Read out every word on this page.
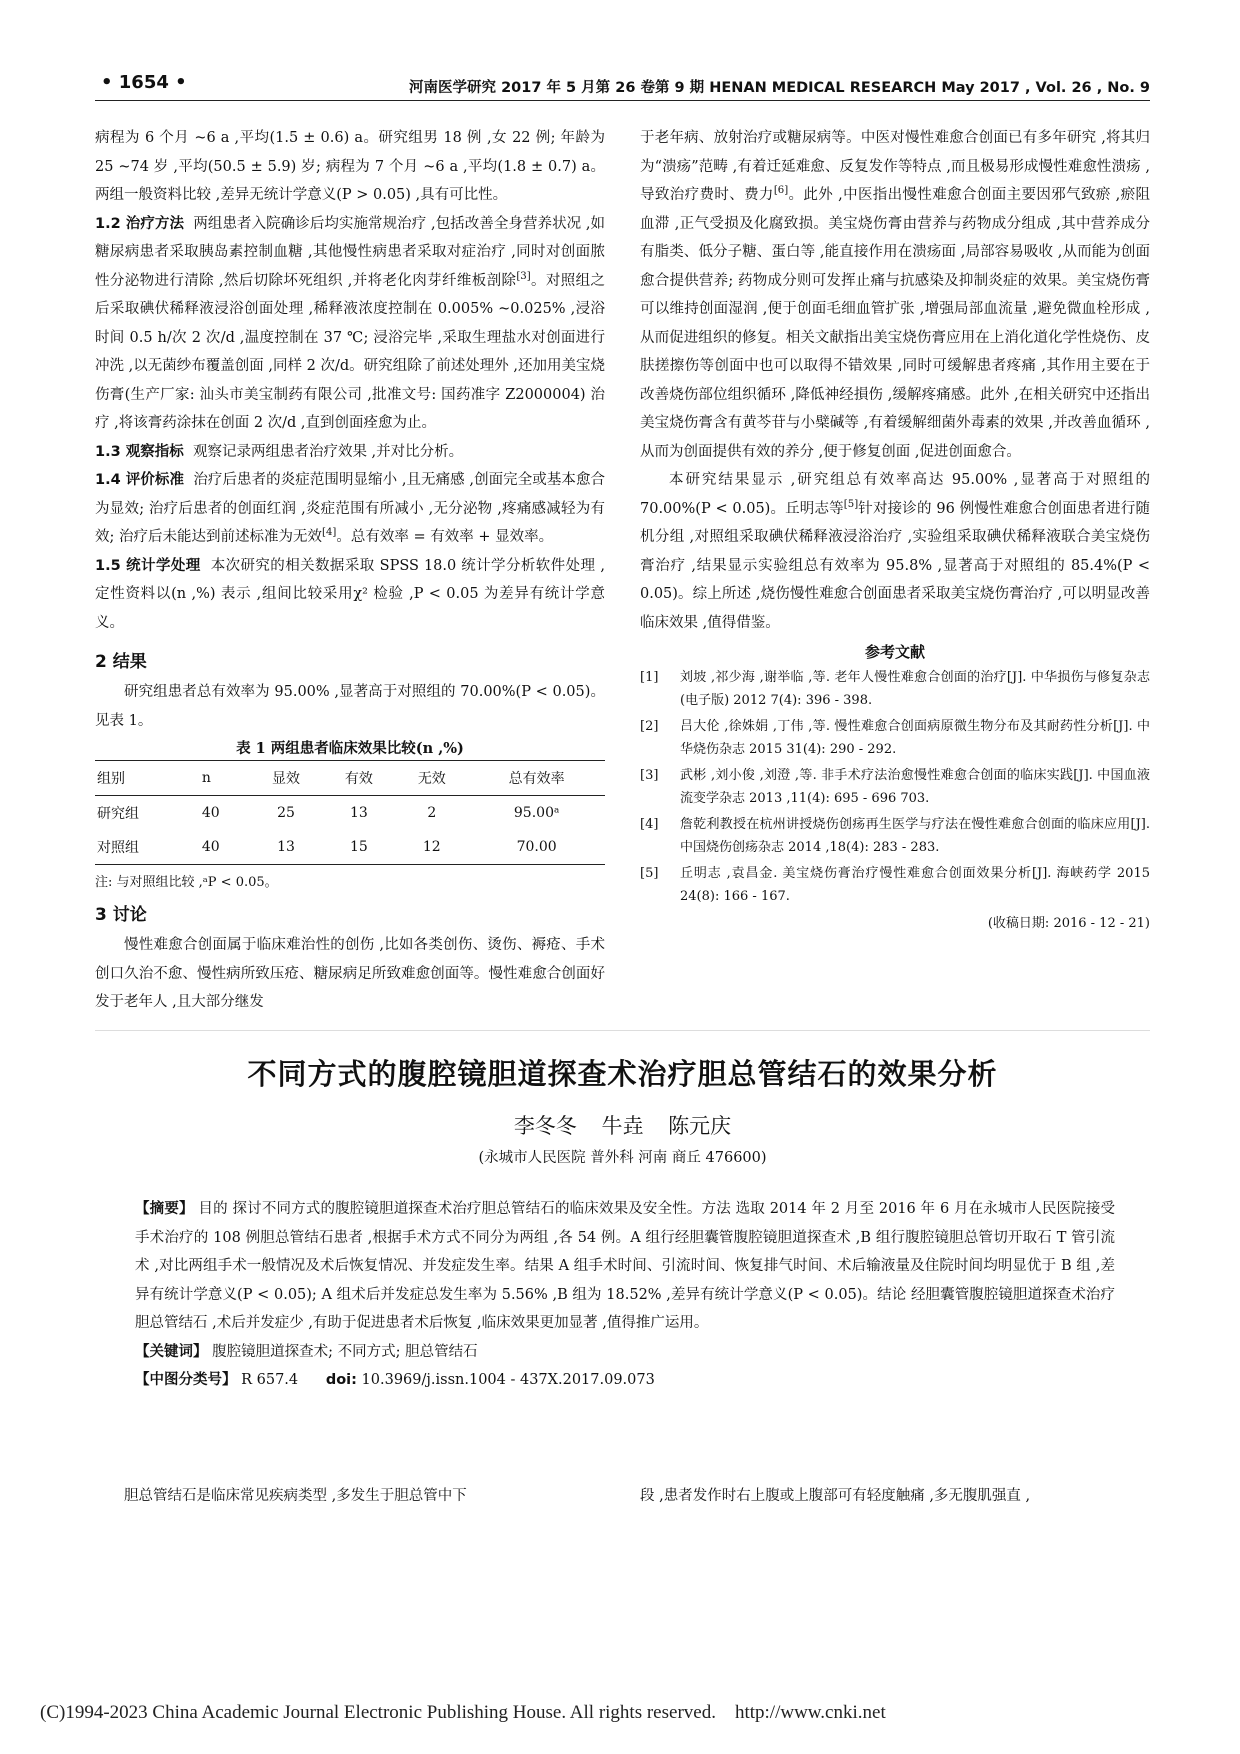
• 1654 •	河南医学研究 2017 年 5 月第 26 卷第 9 期 HENAN MEDICAL RESEARCH May 2017 , Vol. 26 , No. 9

病程为 6 个月 ~6 a ,平均(1.5 ± 0.6) a。研究组男 18 例 ,女 22 例; 年龄为 25 ~74 岁 ,平均(50.5 ± 5.9) 岁; 病程为 7 个月 ~6 a ,平均(1.8 ± 0.7) a。两组一般资料比较 ,差异无统计学意义(P > 0.05) ,具有可比性。

1.2 治疗方法 两组患者入院确诊后均实施常规治疗 ,包括改善全身营养状况 ,如糖尿病患者采取胰岛素控制血糖 ,其他慢性病患者采取对症治疗 ,同时对创面脓性分泌物进行清除 ,然后切除坏死组织 ,并将老化肉芽纤维板剖除[3]。对照组之后采取碘伏稀释液浸浴创面处理 ,稀释液浓度控制在 0.005% ~0.025% ,浸浴时间 0.5 h/次 2 次/d ,温度控制在 37 ℃; 浸浴完毕 ,采取生理盐水对创面进行冲洗 ,以无菌纱布覆盖创面 ,同样 2 次/d。研究组除了前述处理外 ,还加用美宝烧伤膏(生产厂家: 汕头市美宝制药有限公司 ,批准文号: 国药准字 Z2000004) 治疗 ,将该膏药涂抹在创面 2 次/d ,直到创面痊愈为止。

1.3 观察指标 观察记录两组患者治疗效果 ,并对比分析。

1.4 评价标准 治疗后患者的炎症范围明显缩小 ,且无痛感 ,创面完全或基本愈合为显效; 治疗后患者的创面红润 ,炎症范围有所减小 ,无分泌物 ,疼痛感减轻为有效; 治疗后未能达到前述标准为无效[4]。总有效率 = 有效率 + 显效率。

1.5 统计学处理 本次研究的相关数据采取 SPSS 18.0 统计学分析软件处理 ,定性资料以(n ,%) 表示 ,组间比较采用χ² 检验 ,P < 0.05 为差异有统计学意义。

2 结果

研究组患者总有效率为 95.00% ,显著高于对照组的 70.00%(P < 0.05)。见表 1。

表 1 两组患者临床效果比较(n ,%)
组别	n	显效	有效	无效	总有效率
研究组	40	25	13	2	95.00ᵃ
对照组	40	13	15	12	70.00
注: 与对照组比较 ,ᵃP < 0.05。
3 讨论

慢性难愈合创面属于临床难治性的创伤 ,比如各类创伤、烫伤、褥疮、手术创口久治不愈、慢性病所致压疮、糖尿病足所致难愈创面等。慢性难愈合创面好发于老年人 ,且大部分继发

于老年病、放射治疗或糖尿病等。中医对慢性难愈合创面已有多年研究 ,将其归为“溃疡”范畴 ,有着迁延难愈、反复发作等特点 ,而且极易形成慢性难愈性溃疡 ,导致治疗费时、费力[6]。此外 ,中医指出慢性难愈合创面主要因邪气致瘀 ,瘀阻血滞 ,正气受损及化腐致损。美宝烧伤膏由营养与药物成分组成 ,其中营养成分有脂类、低分子糖、蛋白等 ,能直接作用在溃疡面 ,局部容易吸收 ,从而能为创面愈合提供营养; 药物成分则可发挥止痛与抗感染及抑制炎症的效果。美宝烧伤膏可以维持创面湿润 ,便于创面毛细血管扩张 ,增强局部血流量 ,避免微血栓形成 ,从而促进组织的修复。相关文献指出美宝烧伤膏应用在上消化道化学性烧伤、皮肤搓擦伤等创面中也可以取得不错效果 ,同时可缓解患者疼痛 ,其作用主要在于改善烧伤部位组织循环 ,降低神经損伤 ,缓解疼痛感。此外 ,在相关研究中还指出美宝烧伤膏含有黄芩苷与小檗碱等 ,有着缓解细菌外毒素的效果 ,并改善血循环 ,从而为创面提供有效的养分 ,便于修复创面 ,促进创面愈合。

本研究结果显示 ,研究组总有效率高达 95.00% ,显著高于对照组的 70.00%(P < 0.05)。丘明志等[5]针对接诊的 96 例慢性难愈合创面患者进行随机分组 ,对照组采取碘伏稀释液浸浴治疗 ,实验组采取碘伏稀释液联合美宝烧伤膏治疗 ,结果显示实验组总有效率为 95.8% ,显著高于对照组的 85.4%(P < 0.05)。综上所述 ,烧伤慢性难愈合创面患者采取美宝烧伤膏治疗 ,可以明显改善临床效果 ,值得借鉴。

参考文献
[1]	刘坡 ,祁少海 ,谢举临 ,等. 老年人慢性难愈合创面的治疗[J]. 中华损伤与修复杂志(电子版) 2012 7(4): 396 - 398.
[2]	吕大伦 ,徐姝娟 ,丁伟 ,等. 慢性难愈合创面病原微生物分布及其耐药性分析[J]. 中华烧伤杂志 2015 31(4): 290 - 292.
[3]	武彬 ,刘小俊 ,刘澄 ,等. 非手术疗法治愈慢性难愈合创面的临床实践[J]. 中国血液流变学杂志 2013 ,11(4): 695 - 696 703.
[4]	詹乾利教授在杭州讲授烧伤创疡再生医学与疗法在慢性难愈合创面的临床应用[J]. 中国烧伤创疡杂志 2014 ,18(4): 283 - 283.
[5]	丘明志 ,袁昌金. 美宝烧伤膏治疗慢性难愈合创面效果分析[J]. 海峡药学 2015 24(8): 166 - 167.
(收稿日期: 2016 - 12 - 21)
不同方式的腹腔镜胆道探查术治疗胆总管结石的效果分析
李冬冬 牛垚 陈元庆
(永城市人民医院 普外科 河南 商丘 476600)

【摘要】 目的 探讨不同方式的腹腔镜胆道探查术治疗胆总管结石的临床效果及安全性。方法 选取 2014 年 2 月至 2016 年 6 月在永城市人民医院接受手术治疗的 108 例胆总管结石患者 ,根据手术方式不同分为两组 ,各 54 例。A 组行经胆囊管腹腔镜胆道探查术 ,B 组行腹腔镜胆总管切开取石 T 管引流术 ,对比两组手术一般情况及术后恢复情况、并发症发生率。结果 A 组手术时间、引流时间、恢复排气时间、术后输液量及住院时间均明显优于 B 组 ,差异有统计学意义(P < 0.05); A 组术后并发症总发生率为 5.56% ,B 组为 18.52% ,差异有统计学意义(P < 0.05)。结论 经胆囊管腹腔镜胆道探查术治疗胆总管结石 ,术后并发症少 ,有助于促进患者术后恢复 ,临床效果更加显著 ,值得推广运用。

【关键词】 腹腔镜胆道探查术; 不同方式; 胆总管结石

【中图分类号】 R 657.4 doi: 10.3969/j.issn.1004 - 437X.2017.09.073

胆总管结石是临床常见疾病类型 ,多发生于胆总管中下	段 ,患者发作时右上腹或上腹部可有轻度触痛 ,多无腹肌强直 ,

(C)1994-2023 China Academic Journal Electronic Publishing House. All rights reserved. http://www.cnki.net
